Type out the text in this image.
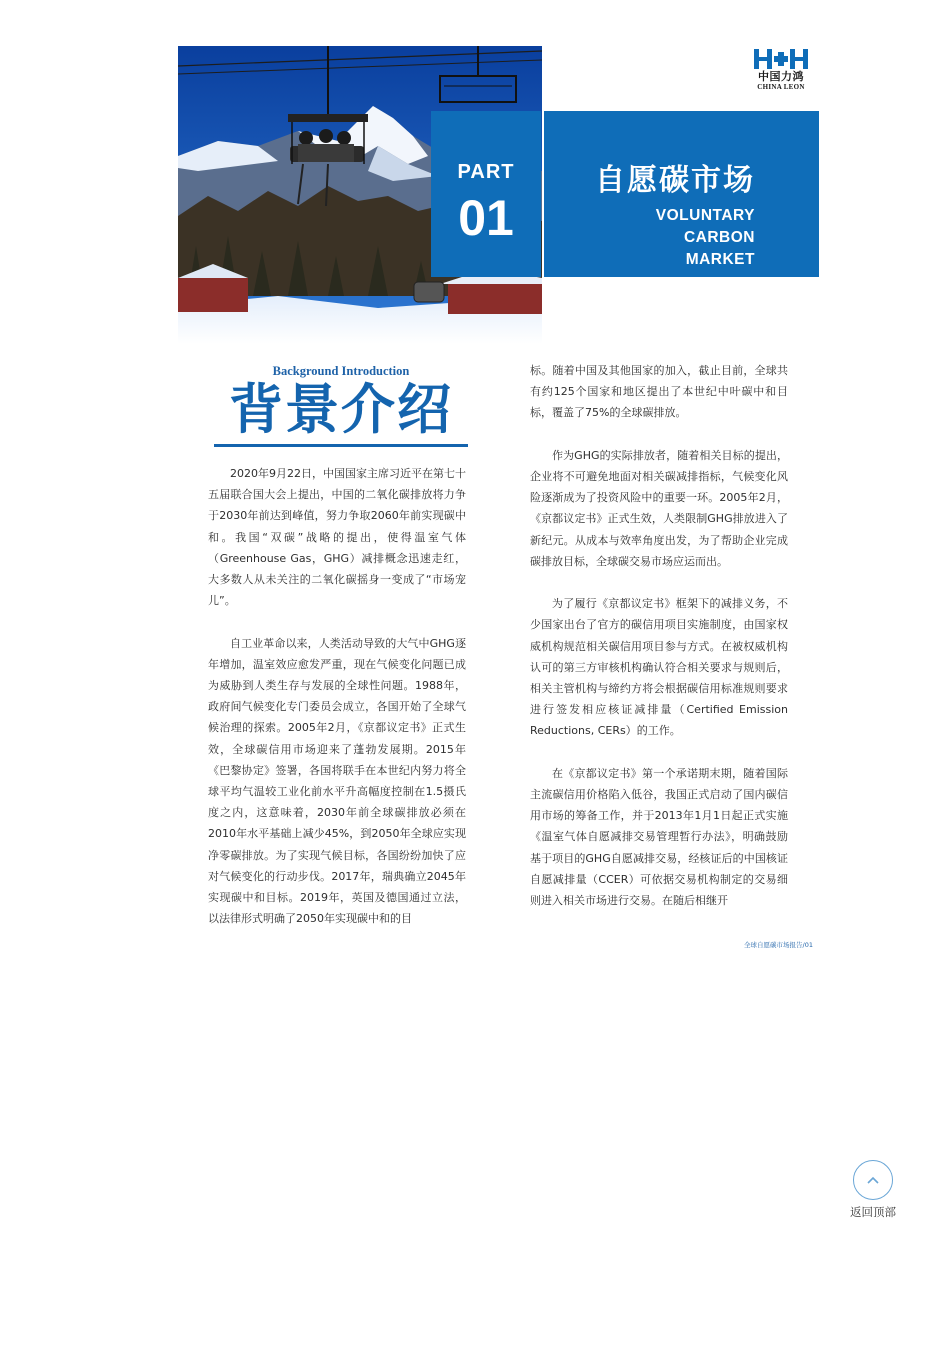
PART
01
自愿碳市场
VOLUNTARY
CARBON
MARKET
中国力鸿
CHINA LEON
Background Introduction
背景介绍

2020年9月22日，中国国家主席习近平在第七十五届联合国大会上提出，中国的二氧化碳排放将力争于2030年前达到峰值，努力争取2060年前实现碳中和。我国“双碳”战略的提出，使得温室气体（Greenhouse Gas，GHG）减排概念迅速走红，大多数人从未关注的二氧化碳摇身一变成了“市场宠儿”。

自工业革命以来，人类活动导致的大气中GHG逐年增加，温室效应愈发严重，现在气候变化问题已成为威胁到人类生存与发展的全球性问题。1988年，政府间气候变化专门委员会成立，各国开始了全球气候治理的探索。2005年2月，《京都议定书》正式生效，全球碳信用市场迎来了蓬勃发展期。2015年《巴黎协定》签署，各国将联手在本世纪内努力将全球平均气温较工业化前水平升高幅度控制在1.5摄氏度之内，这意味着，2030年前全球碳排放必须在2010年水平基础上减少45%，到2050年全球应实现净零碳排放。为了实现气候目标，各国纷纷加快了应对气候变化的行动步伐。2017年，瑞典确立2045年实现碳中和目标。2019年，英国及德国通过立法，以法律形式明确了2050年实现碳中和的目

标。随着中国及其他国家的加入，截止目前，全球共有约125个国家和地区提出了本世纪中叶碳中和目标，覆盖了75%的全球碳排放。

作为GHG的实际排放者，随着相关目标的提出，企业将不可避免地面对相关碳减排指标，气候变化风险逐渐成为了投资风险中的重要一环。2005年2月，《京都议定书》正式生效，人类限制GHG排放进入了新纪元。从成本与效率角度出发，为了帮助企业完成碳排放目标，全球碳交易市场应运而出。

为了履行《京都议定书》框架下的减排义务，不少国家出台了官方的碳信用项目实施制度，由国家权威机构规范相关碳信用项目参与方式。在被权威机构认可的第三方审核机构确认符合相关要求与规则后，相关主管机构与缔约方将会根据碳信用标准规则要求进行签发相应核证减排量（Certified Emission Reductions, CERs）的工作。

在《京都议定书》第一个承诺期末期，随着国际主流碳信用价格陷入低谷，我国正式启动了国内碳信用市场的筹备工作，并于2013年1月1日起正式实施《温室气体自愿减排交易管理暂行办法》，明确鼓励基于项目的GHG自愿减排交易，经核证后的中国核证自愿减排量（CCER）可依据交易机构制定的交易细则进入相关市场进行交易。在随后相继开

全球自愿碳市场报告/01
返回顶部
